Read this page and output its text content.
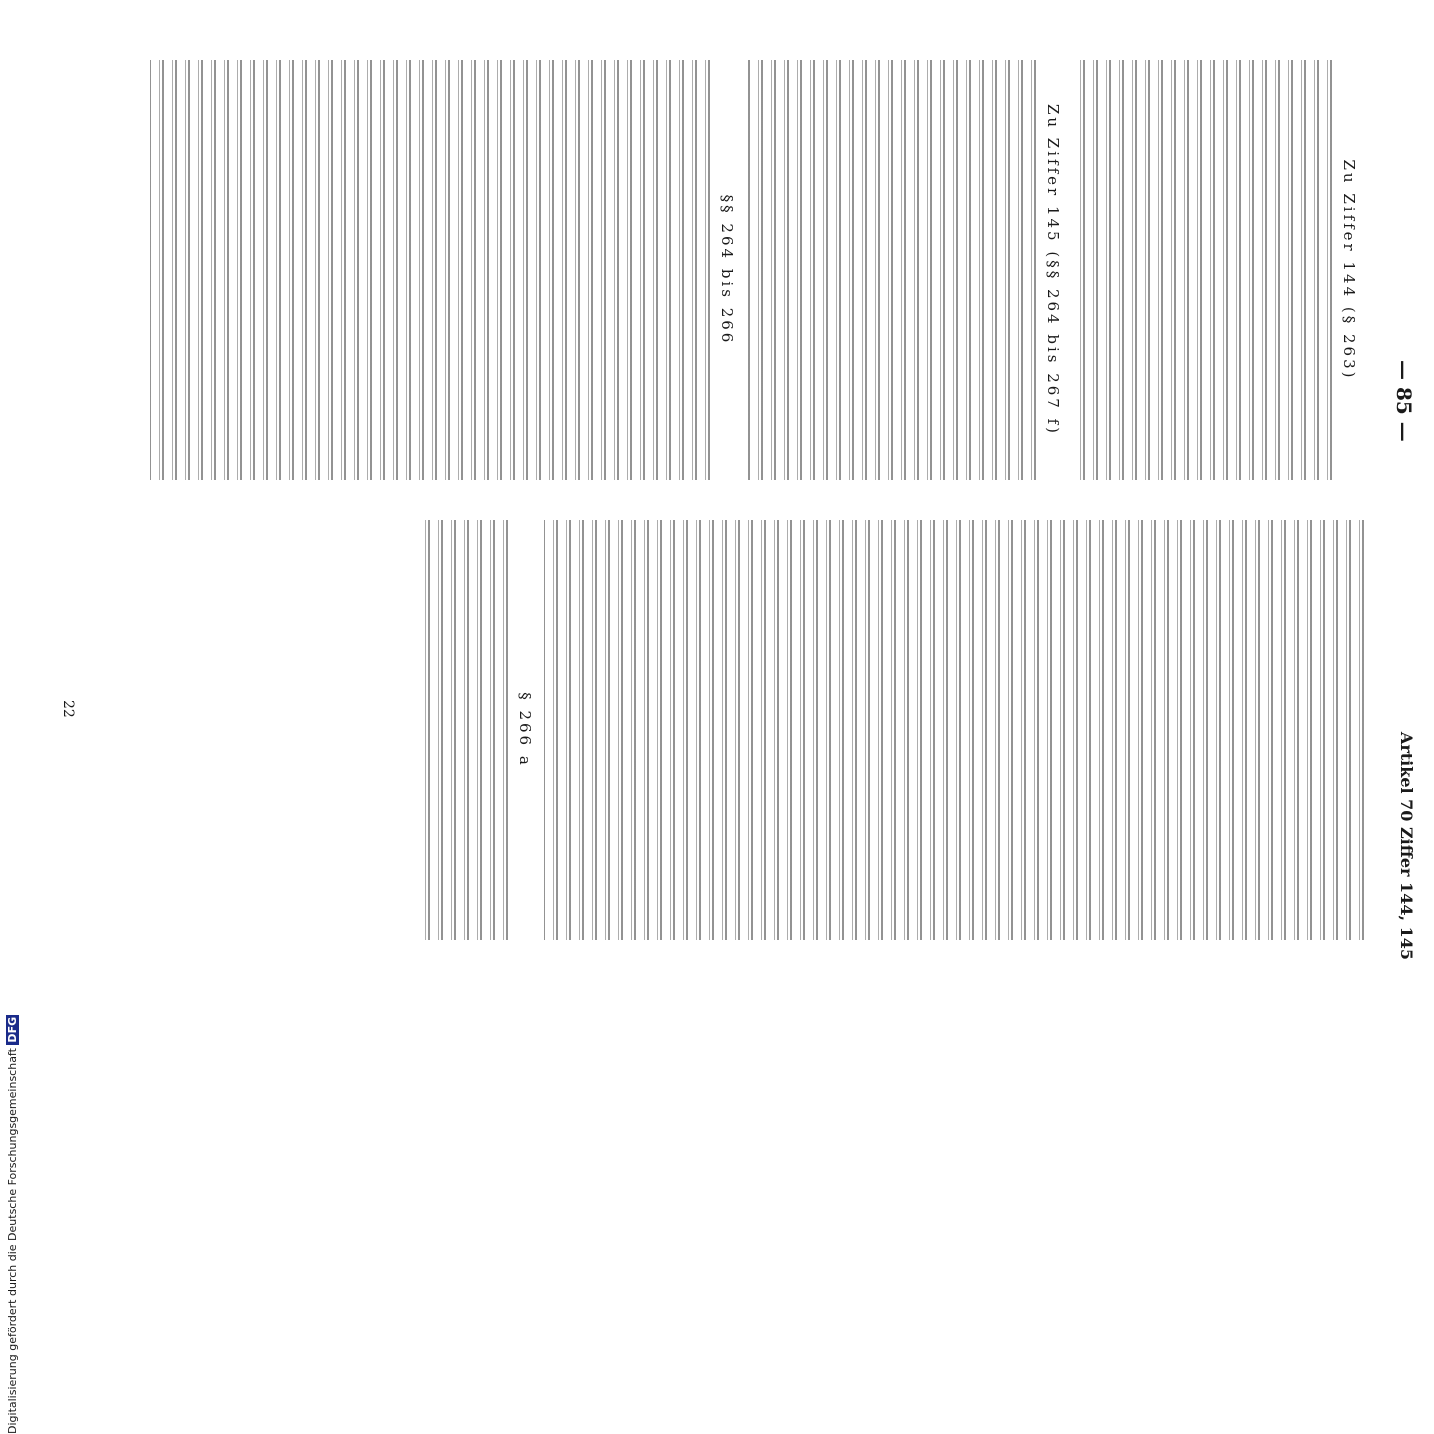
— 85 —
Artikel 70 Ziffer 144, 145
Zu Ziffer 144 (§ 263)
Zu Ziffer 145 (§§ 264 bis 267 f)
§§ 264 bis 266
§ 266 a
22
Digitalisierung gefördert durch die Deutsche Forschungsgemeinschaft DFG
